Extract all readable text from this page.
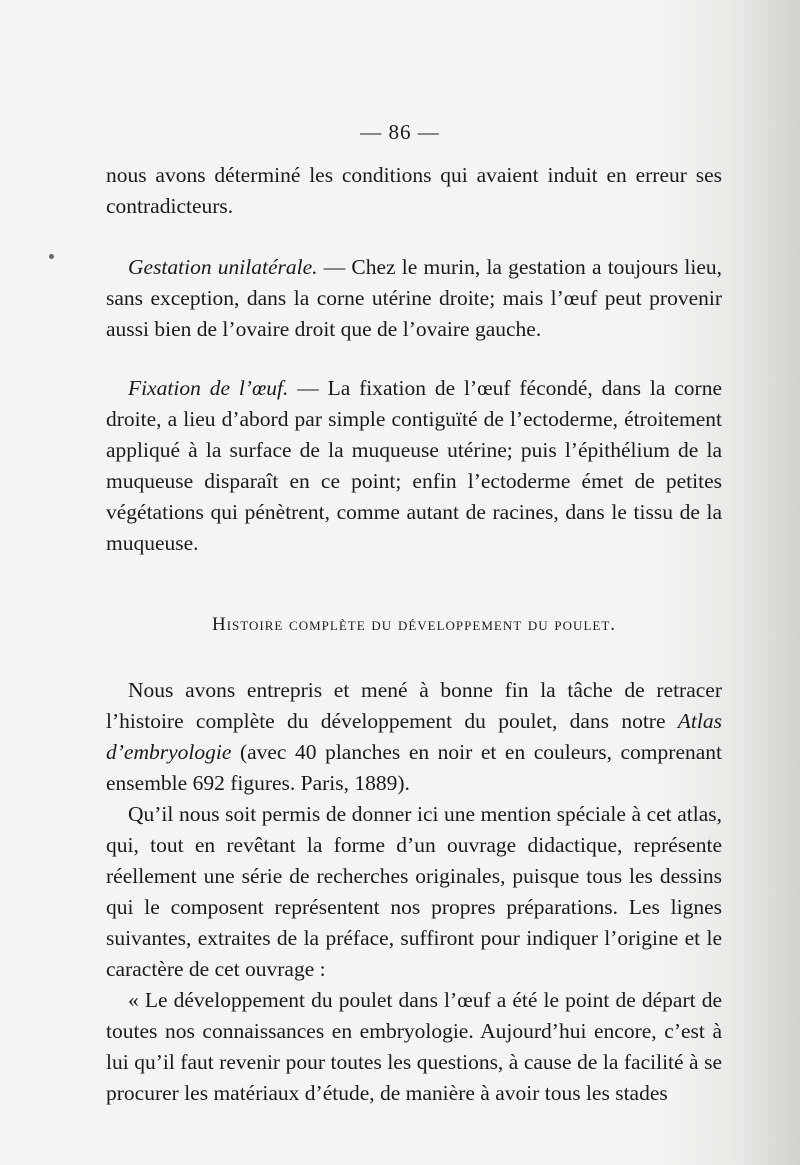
— 86 —

nous avons déterminé les conditions qui avaient induit en erreur ses contradicteurs.

Gestation unilatérale. — Chez le murin, la gestation a toujours lieu, sans exception, dans la corne utérine droite; mais l’œuf peut provenir aussi bien de l’ovaire droit que de l’ovaire gauche.

Fixation de l’œuf. — La fixation de l’œuf fécondé, dans la corne droite, a lieu d’abord par simple contiguïté de l’ectoderme, étroitement appliqué à la surface de la muqueuse utérine; puis l’épithélium de la muqueuse disparaît en ce point; enfin l’ectoderme émet de petites végétations qui pénètrent, comme autant de racines, dans le tissu de la muqueuse.

Histoire complète du développement du poulet.

Nous avons entrepris et mené à bonne fin la tâche de retracer l’histoire complète du développement du poulet, dans notre Atlas d’embryologie (avec 40 planches en noir et en couleurs, comprenant ensemble 692 figures. Paris, 1889).

Qu’il nous soit permis de donner ici une mention spéciale à cet atlas, qui, tout en revêtant la forme d’un ouvrage didactique, représente réellement une série de recherches originales, puisque tous les dessins qui le composent représentent nos propres préparations. Les lignes suivantes, extraites de la préface, suffiront pour indiquer l’origine et le caractère de cet ouvrage :

« Le développement du poulet dans l’œuf a été le point de départ de toutes nos connaissances en embryologie. Aujourd’hui encore, c’est à lui qu’il faut revenir pour toutes les questions, à cause de la facilité à se procurer les matériaux d’étude, de manière à avoir tous les stades
